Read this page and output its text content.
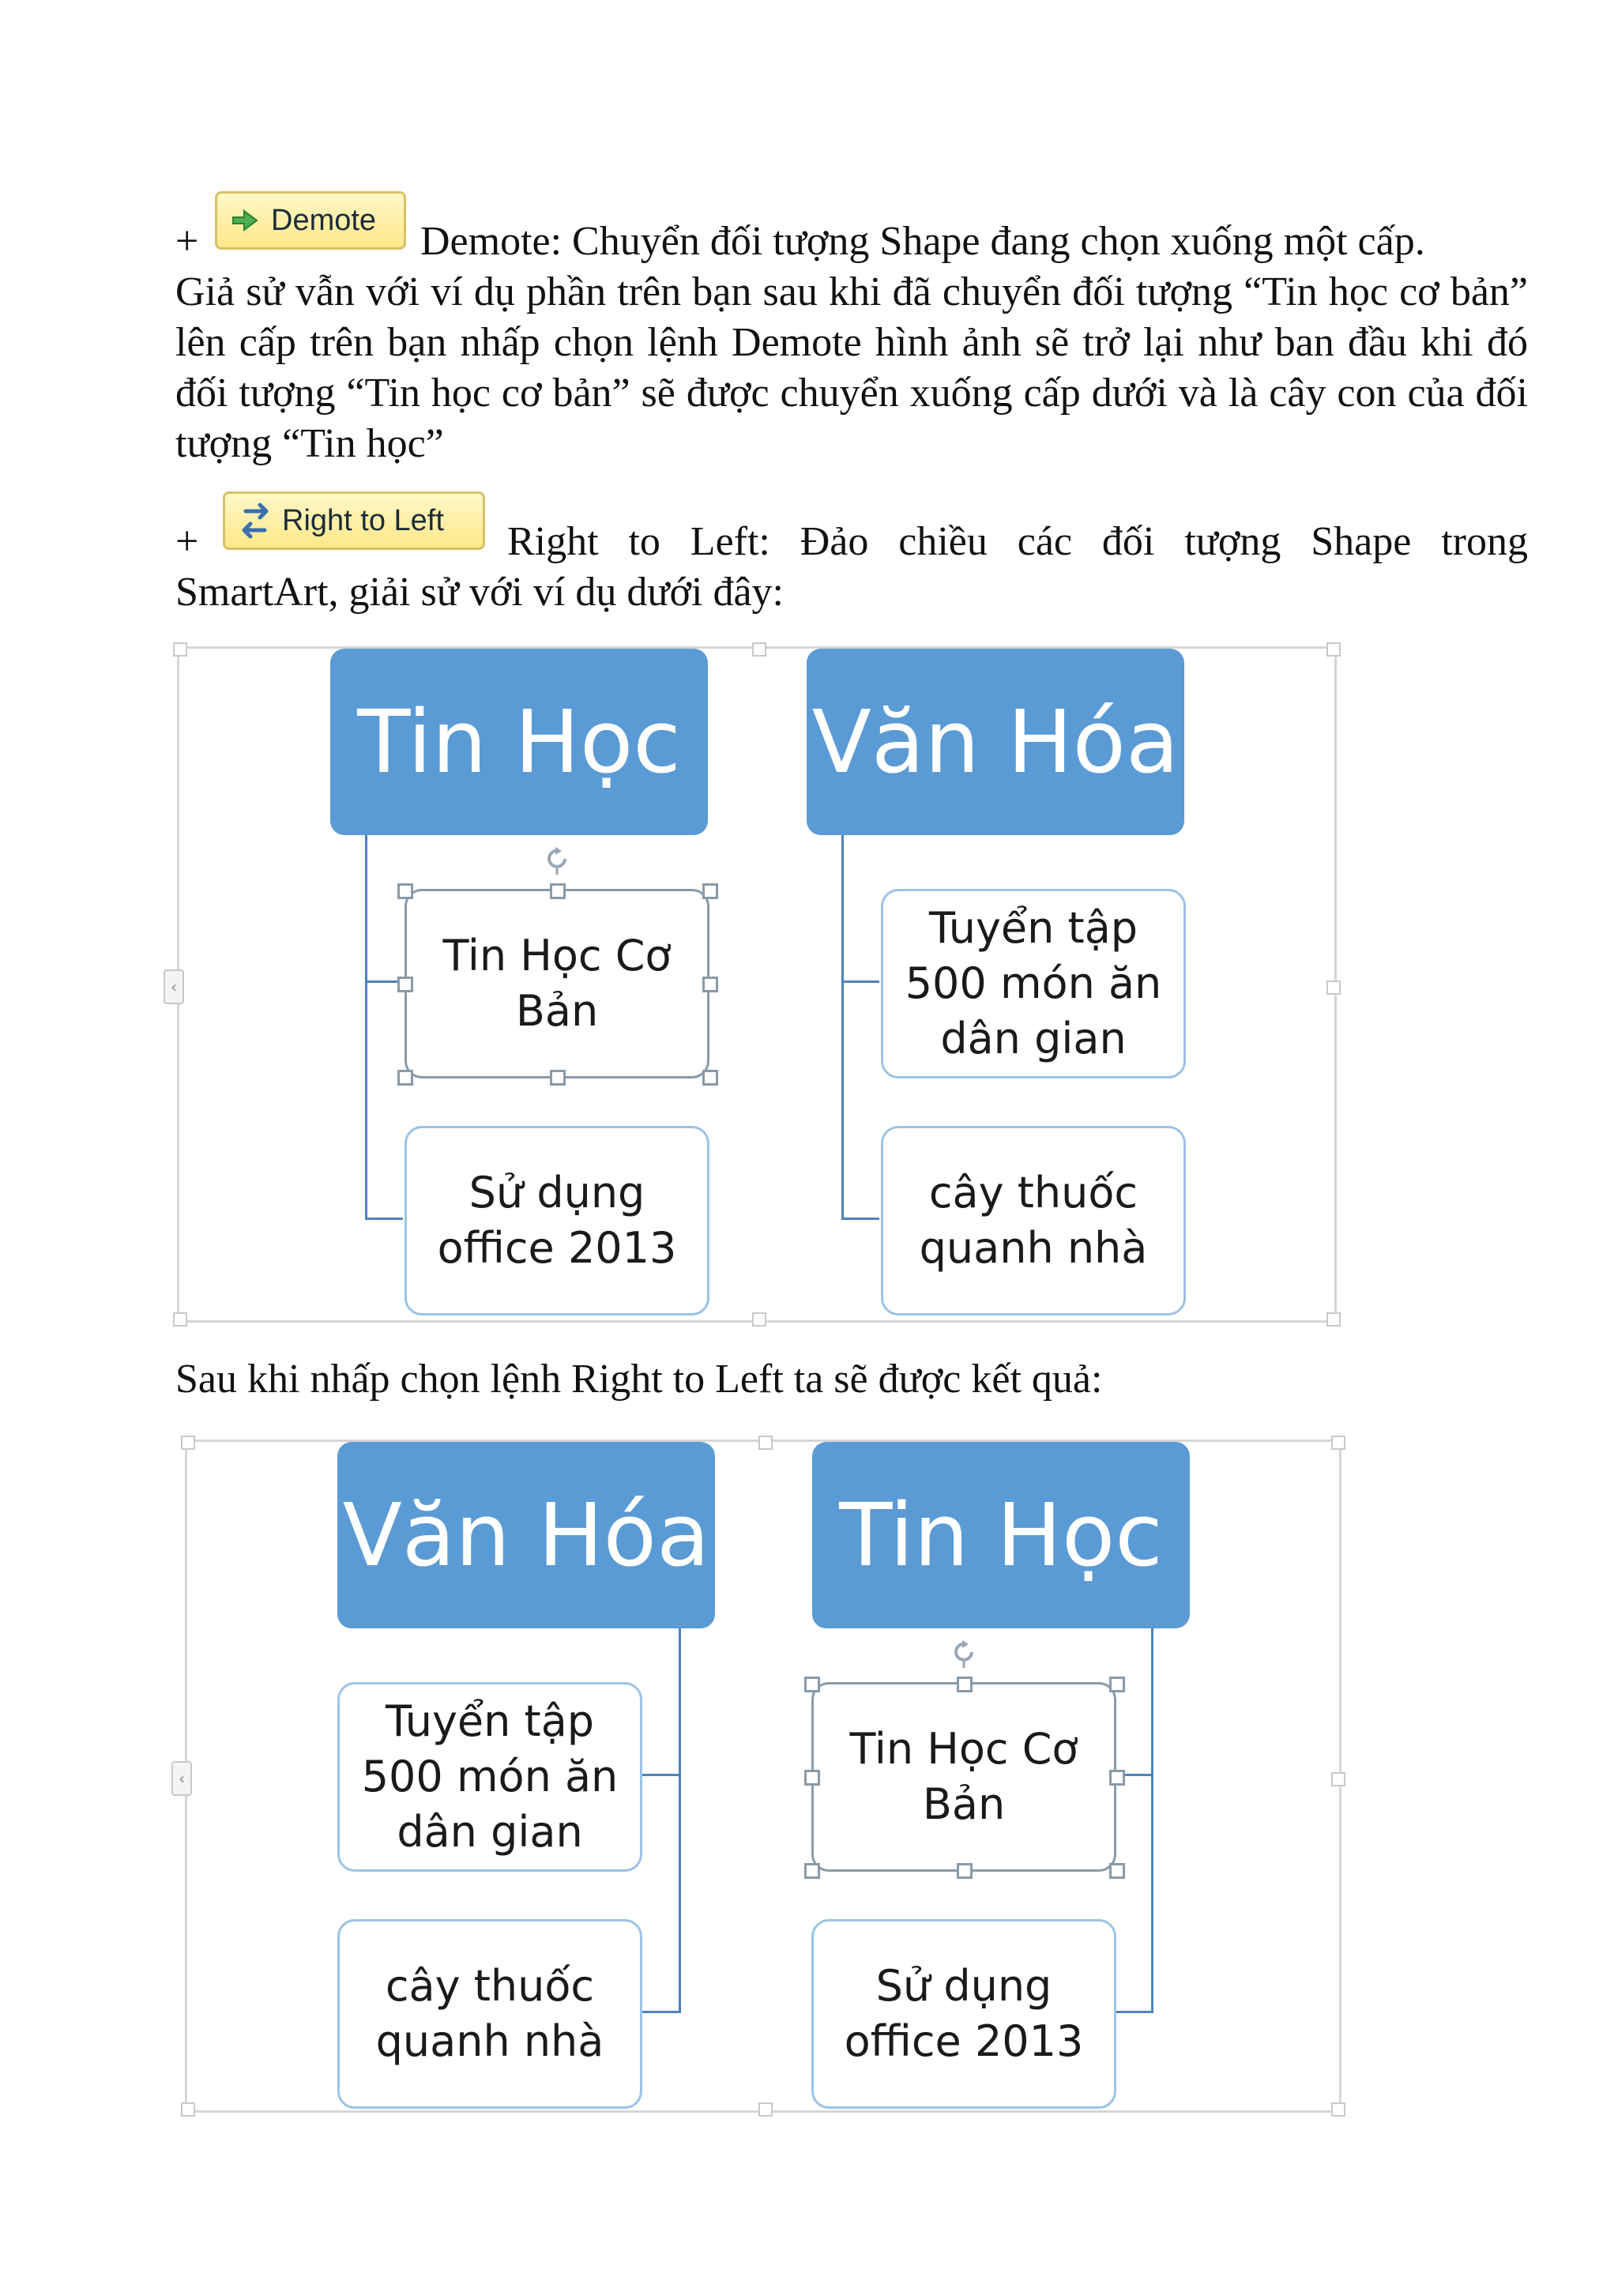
+ Demote Demote: Chuyển đối tượng Shape đang chọn xuống một cấp.
Giả sử vẫn với ví dụ phần trên bạn sau khi đã chuyển đối tượng “Tin học cơ bản” lên cấp trên bạn nhấp chọn lệnh Demote hình ảnh sẽ trở lại như ban đầu khi đó đối tượng “Tin học cơ bản” sẽ được chuyển xuống cấp dưới và là cây con của đối tượng “Tin học”
+	Right to Left Right to Left: Đảo chiều các đối tượng Shape trong
SmartArt, giải sử với ví dụ dưới đây:
‹
Tin Học	Văn Hóa
Tin Học Cơ Bản
Sử dụng office 2013
Tuyển tập 500 món ăn dân gian
cây thuốc quanh nhà
Sau khi nhấp chọn lệnh Right to Left ta sẽ được kết quả:
‹
Văn Hóa	Tin Học
Tuyển tập 500 món ăn dân gian
cây thuốc quanh nhà
Tin Học Cơ Bản
Sử dụng office 2013
